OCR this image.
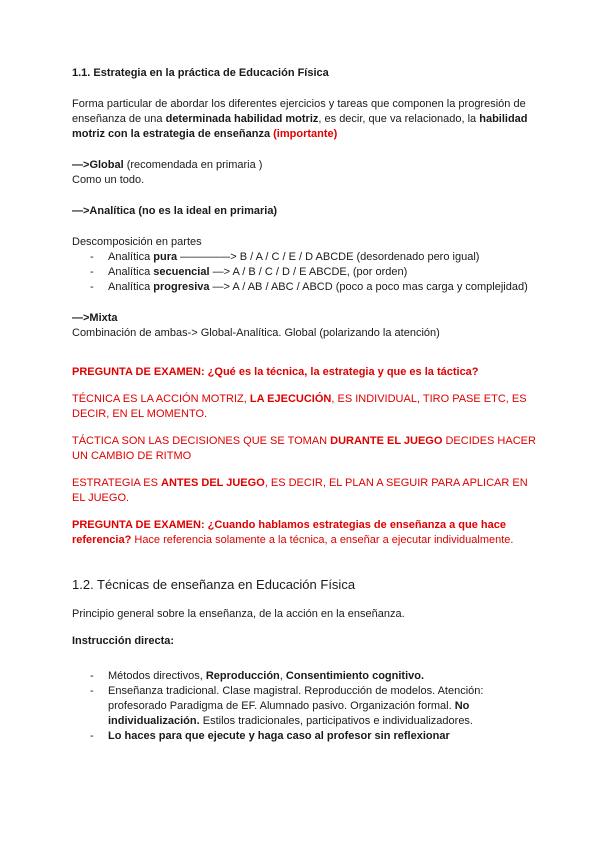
1.1. Estrategia en la práctica de Educación Física

Forma particular de abordar los diferentes ejercicios y tareas que componen la progresión de enseñanza de una determinada habilidad motriz, es decir, que va relacionado, la habilidad motriz con la estrategia de enseñanza (importante)

—>Global (recomendada en primaria )

Como un todo.

—>Analítica (no es la ideal en primaria)

Descomposición en partes

- Analítica pura ———–—> B / A / C / E / D ABCDE (desordenado pero igual)
- Analítica secuencial —> A / B / C / D / E ABCDE, (por orden)
- Analítica progresiva —> A / AB / ABC / ABCD (poco a poco mas carga y complejidad)

—>Mixta

Combinación de ambas-> Global-Analítica. Global (polarizando la atención)

PREGUNTA DE EXAMEN: ¿Qué es la técnica, la estrategia y que es la táctica?

TÉCNICA ES LA ACCIÓN MOTRIZ, LA EJECUCIÓN, ES INDIVIDUAL, TIRO PASE ETC, ES DECIR, EN EL MOMENTO.

TÁCTICA SON LAS DECISIONES QUE SE TOMAN DURANTE EL JUEGO DECIDES HACER UN CAMBIO DE RITMO

ESTRATEGIA ES ANTES DEL JUEGO, ES DECIR, EL PLAN A SEGUIR PARA APLICAR EN EL JUEGO.

PREGUNTA DE EXAMEN: ¿Cuando hablamos estrategias de enseñanza a que hace referencia? Hace referencia solamente a la técnica, a enseñar a ejecutar individualmente.

1.2. Técnicas de enseñanza en Educación Física

Principio general sobre la enseñanza, de la acción en la enseñanza.

Instrucción directa:

- Métodos directivos, Reproducción, Consentimiento cognitivo.
- Enseñanza tradicional. Clase magistral. Reproducción de modelos. Atención: profesorado Paradigma de EF. Alumnado pasivo. Organización formal. No individualización. Estilos tradicionales, participativos e individualizadores.
- Lo haces para que ejecute y haga caso al profesor sin reflexionar
